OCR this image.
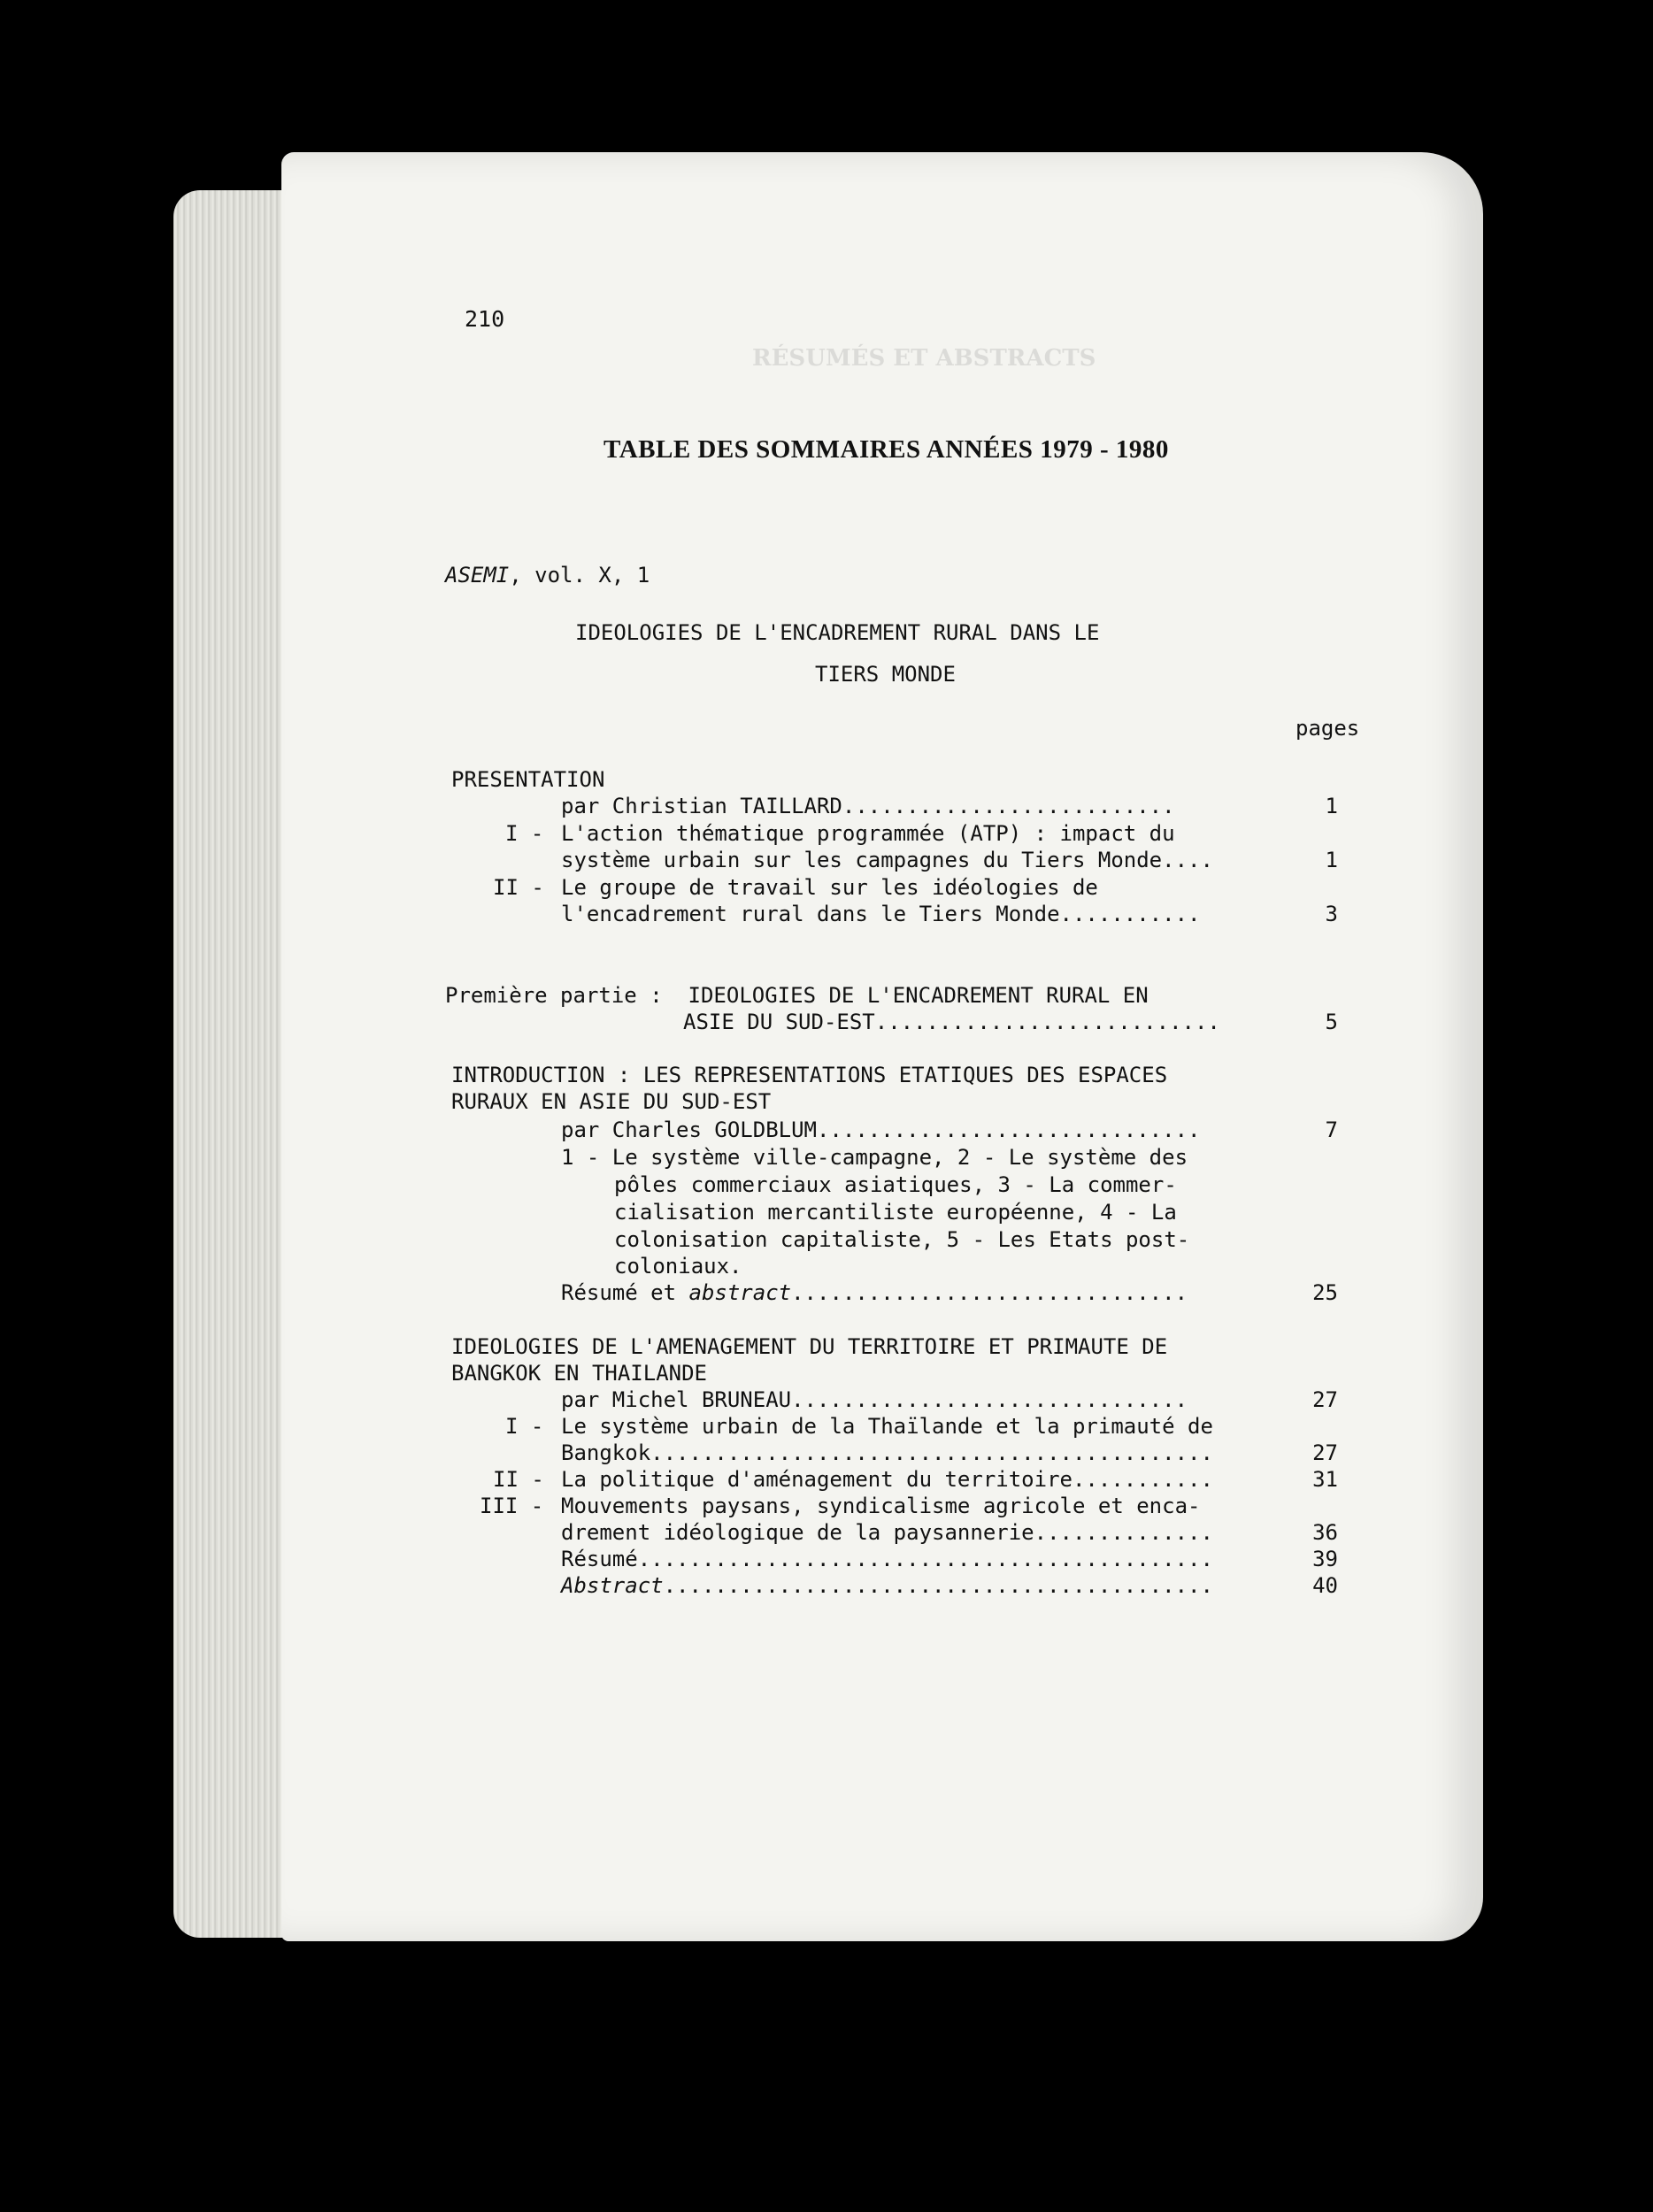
RÉSUMÉS ET ABSTRACTS
210
TABLE DES SOMMAIRES ANNÉES 1979 - 1980
ASEMI, vol. X, 1
IDEOLOGIES DE L'ENCADREMENT RURAL DANS LE
TIERS MONDE
pages
PRESENTATION
par Christian TAILLARD..........................	1
I - L'action thématique programmée (ATP) : impact du
système urbain sur les campagnes du Tiers Monde....	1
II - Le groupe de travail sur les idéologies de
l'encadrement rural dans le Tiers Monde...........	3
Première partie :  IDEOLOGIES DE L'ENCADREMENT RURAL EN
ASIE DU SUD-EST...........................	5
INTRODUCTION : LES REPRESENTATIONS ETATIQUES DES ESPACES
RURAUX EN ASIE DU SUD-EST
par Charles GOLDBLUM..............................	7
1 - Le système ville-campagne, 2 - Le système des
pôles commerciaux asiatiques, 3 - La commer-
cialisation mercantiliste européenne, 4 - La
colonisation capitaliste, 5 - Les Etats post-
coloniaux.
Résumé et abstract...............................	25
IDEOLOGIES DE L'AMENAGEMENT DU TERRITOIRE ET PRIMAUTE DE
BANGKOK EN THAILANDE
par Michel BRUNEAU...............................	27
I - Le système urbain de la Thaïlande et la primauté de
Bangkok............................................	27
II - La politique d'aménagement du territoire...........	31
III - Mouvements paysans, syndicalisme agricole et enca-
drement idéologique de la paysannerie..............	36
Résumé.............................................	39
Abstract...........................................	40
